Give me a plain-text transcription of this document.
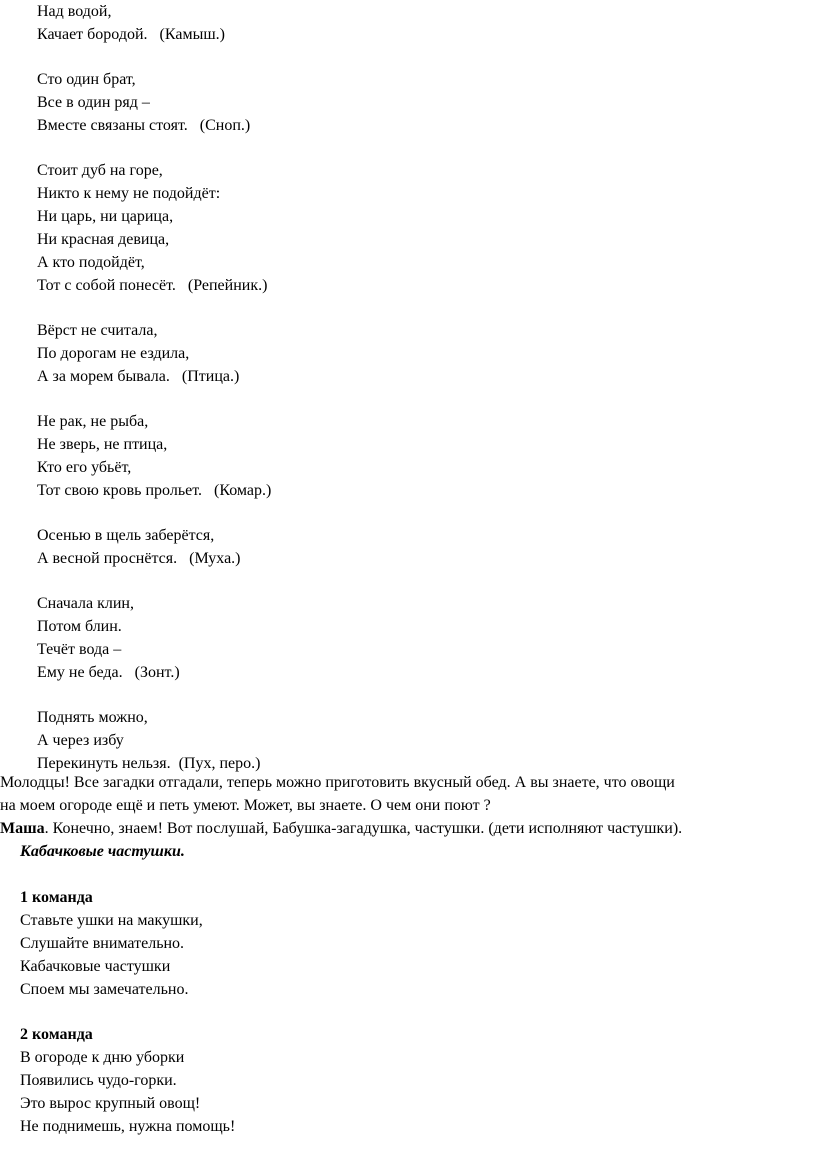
Над водой,
Качает бородой.   (Камыш.)
Сто один брат,
Все в один ряд –
Вместе связаны стоят.   (Сноп.)
Стоит дуб на горе,
Никто к нему не подойдёт:
Ни царь, ни царица,
Ни красная девица,
А кто подойдёт,
Тот с собой понесёт.   (Репейник.)
Вёрст не считала,
По дорогам не ездила,
А за морем бывала.   (Птица.)
Не рак, не рыба,
Не зверь, не птица,
Кто его убьёт,
Тот свою кровь прольет.   (Комар.)
Осенью в щель заберётся,
А весной проснётся.   (Муха.)
Сначала клин,
Потом блин.
Течёт вода –
Ему не беда.   (Зонт.)
Поднять можно,
А через избу
Перекинуть нельзя.  (Пух, перо.)
Молодцы! Все загадки отгадали, теперь можно приготовить вкусный обед. А вы знаете, что овощи
на моем огороде ещё и петь умеют. Может, вы знаете. О чем они поют ?
Маша. Конечно, знаем! Вот послушай, Бабушка-загадушка, частушки. (дети исполняют частушки).
Кабачковые частушки.
1 команда
Ставьте ушки на макушки,
Слушайте внимательно.
Кабачковые частушки
Споем мы замечательно.
2 команда
В огороде к дню уборки
Появились чудо-горки.
Это вырос крупный овощ!
Не поднимешь, нужна помощь!
